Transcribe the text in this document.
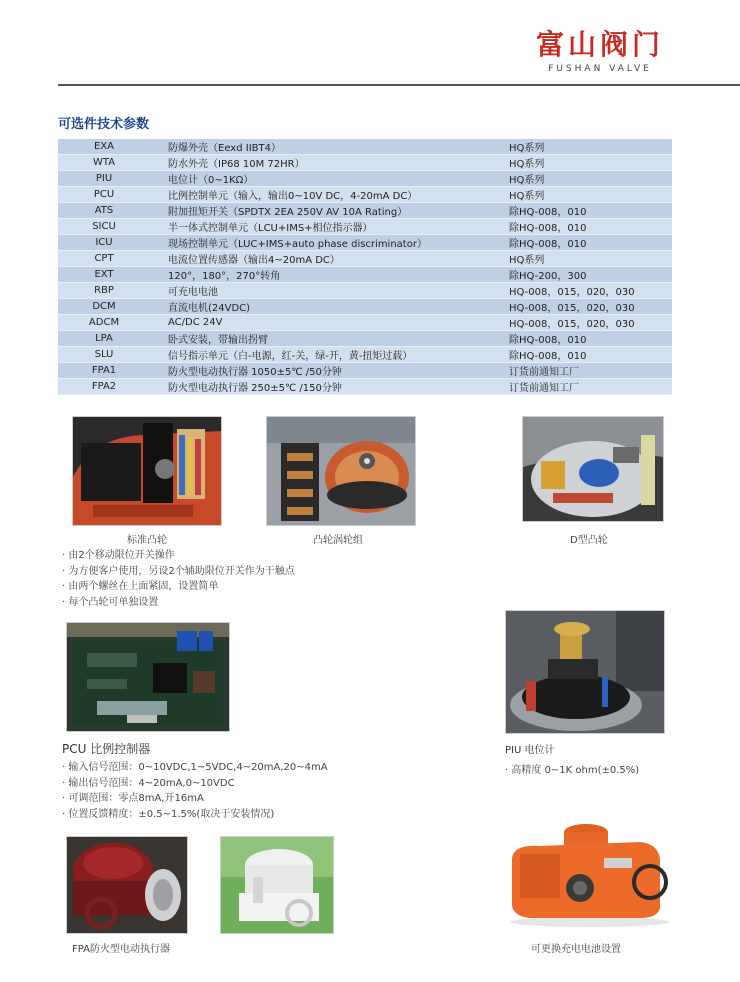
富山阀门
FUSHAN VALVE
可选件技术参数
EXA	防爆外壳（Eexd IIBT4）	HQ系列
WTA	防水外壳（IP68 10M 72HR）	HQ系列
PIU	电位计（0~1KΩ）	HQ系列
PCU	比例控制单元（输入，输出0~10V DC，4-20mA DC）	HQ系列
ATS	附加扭矩开关（SPDTX 2EA 250V AV 10A Rating）	除HQ-008，010
SICU	半一体式控制单元（LCU+IMS+相位指示器）	除HQ-008，010
ICU	现场控制单元（LUC+IMS+auto phase discriminator）	除HQ-008，010
CPT	电流位置传感器（输出4~20mA DC）	HQ系列
EXT	120°，180°，270°转角	除HQ-200，300
RBP	可充电电池	HQ-008，015，020，030
DCM	直流电机(24VDC)	HQ-008，015，020，030
ADCM	AC/DC 24V	HQ-008，015，020，030
LPA	卧式安装，带输出拐臂	除HQ-008，010
SLU	信号指示单元（白-电源，红-关，绿-开，黄-扭矩过载）	除HQ-008，010
FPA1	防火型电动执行器 1050±5℃ /50分钟	订货前通知工厂
FPA2	防火型电动执行器 250±5℃ /150分钟	订货前通知工厂
标准凸轮	凸轮涡轮组	D型凸轮
· 由2个移动限位开关操作
· 为方便客户使用，另设2个辅助限位开关作为干触点
· 由两个螺丝在上面紧固，设置简单
· 每个凸轮可单独设置
PCU 比例控制器	PIU 电位计
· 输入信号范围：0~10VDC,1~5VDC,4~20mA,20~4mA
· 输出信号范围：4~20mA,0~10VDC
· 可调范围：零点8mA,开16mA
· 位置反馈精度：±0.5~1.5%(取决于安装情况)
· 高精度 0~1K ohm(±0.5%)
FPA防火型电动执行器	可更换充电电池设置
